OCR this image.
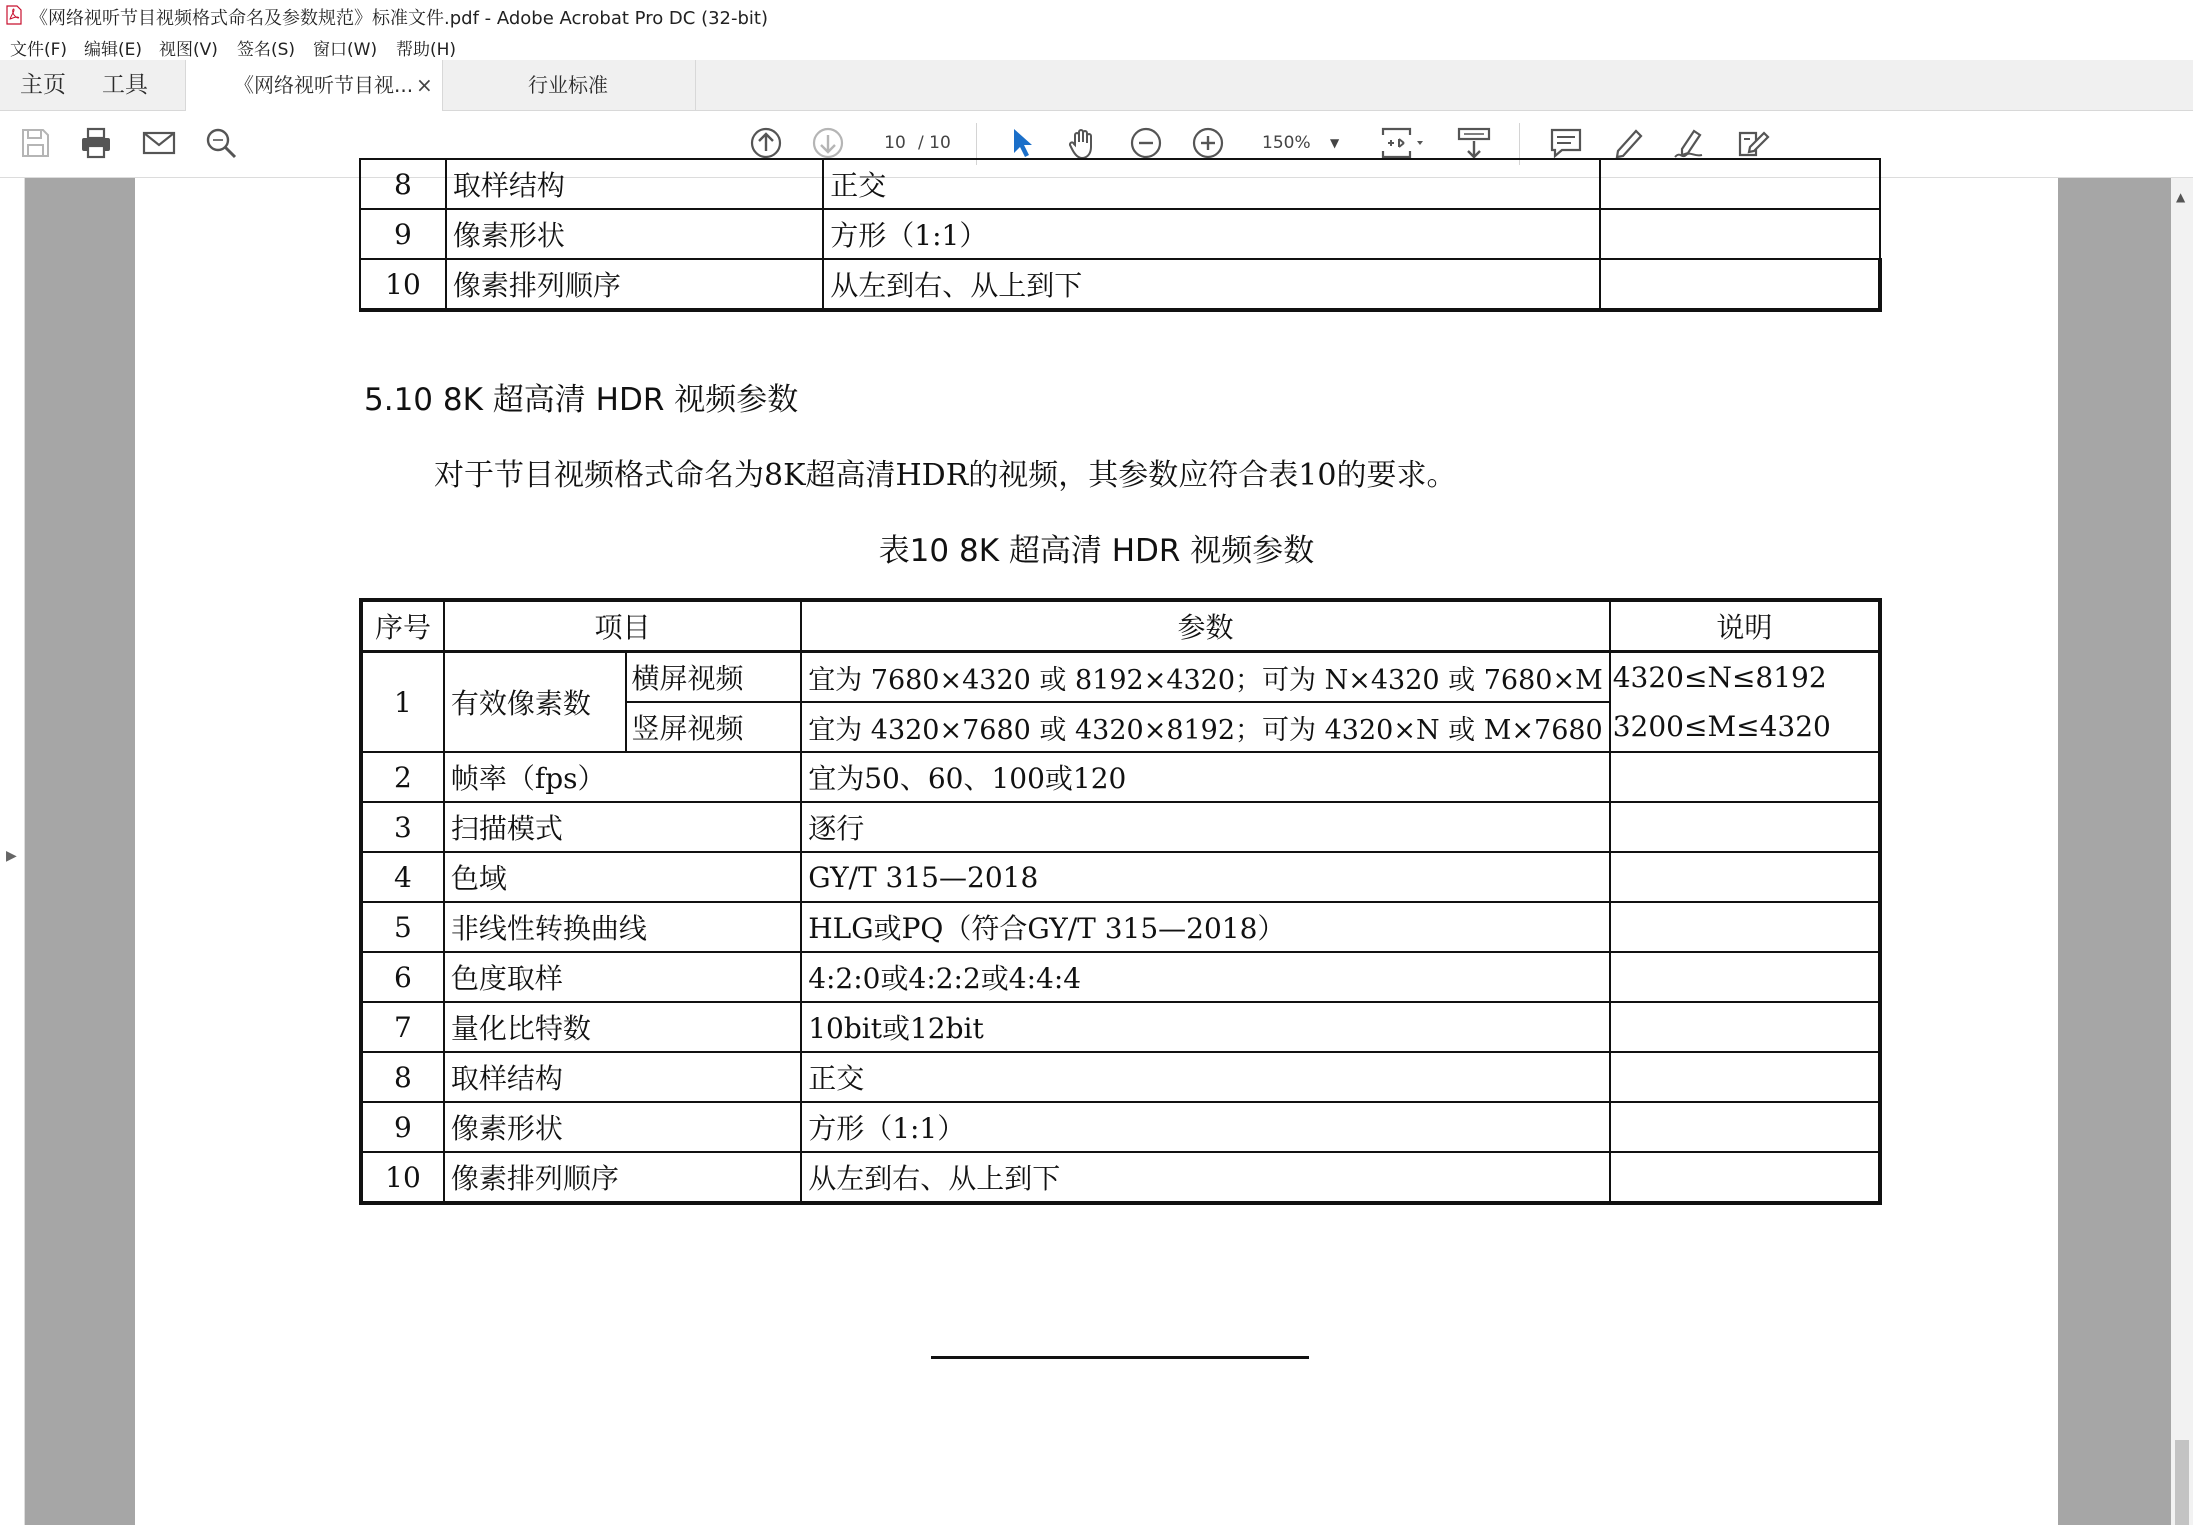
《网络视听节目视频格式命名及参数规范》标准文件.pdf - Adobe Acrobat Pro DC (32-bit)
文件(F) 编辑(E) 视图(V) 签名(S) 窗口(W) 帮助(H)
主页 工具	《网络视听节目视... ×	行业标准
10 / 10	150% ▼
▶
▲
8	取样结构	正交	
9	像素形状	方形（1:1）	
10	像素排列顺序	从左到右、从上到下	
5.10 8K 超高清 HDR 视频参数
对于节目视频格式命名为8K超高清HDR的视频，其参数应符合表10的要求。
表10 8K 超高清 HDR 视频参数
序号	项目		参数	说明
1	有效像素数	横屏视频	宜为 7680×4320 或 8192×4320；可为 N×4320 或 7680×M	4320≤N≤8192
		竖屏视频	宜为 4320×7680 或 4320×8192；可为 4320×N 或 M×7680	3200≤M≤4320
2	帧率（fps）		宜为50、60、100或120	
3	扫描模式		逐行	
4	色域		GY/T 315—2018	
5	非线性转换曲线		HLG或PQ（符合GY/T 315—2018）	
6	色度取样		4:2:0或4:2:2或4:4:4	
7	量化比特数		10bit或12bit	
8	取样结构		正交	
9	像素形状		方形（1:1）	
10	像素排列顺序		从左到右、从上到下	
